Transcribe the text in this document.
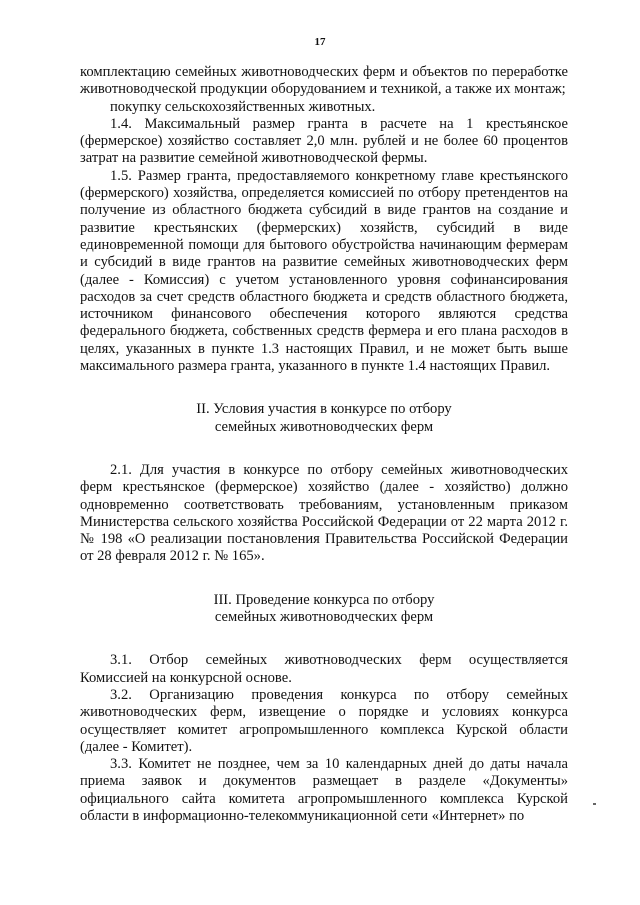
17

комплектацию семейных животноводческих ферм и объектов по переработке животноводческой продукции оборудованием и техникой, а также их монтаж;

покупку сельскохозяйственных животных.

1.4. Максимальный размер гранта в расчете на 1 крестьянское (фермерское) хозяйство составляет 2,0 млн. рублей и не более 60 процентов затрат на развитие семейной животноводческой фермы.

1.5. Размер гранта, предоставляемого конкретному главе крестьянского (фермерского) хозяйства, определяется комиссией по отбору претендентов на получение из областного бюджета субсидий в виде грантов на создание и развитие крестьянских (фермерских) хозяйств, субсидий в виде единовременной помощи для бытового обустройства начинающим фермерам и субсидий в виде грантов на развитие семейных животноводческих ферм (далее - Комиссия) с учетом установленного уровня софинансирования расходов за счет средств областного бюджета и средств областного бюджета, источником финансового обеспечения которого являются средства федерального бюджета, собственных средств фермера и его плана расходов в целях, указанных в пункте 1.3 настоящих Правил, и не может быть выше максимального размера гранта, указанного в пункте 1.4 настоящих Правил.

II. Условия участия в конкурсе по отбору

семейных животноводческих ферм

2.1. Для участия в конкурсе по отбору семейных животноводческих ферм крестьянское (фермерское) хозяйство (далее - хозяйство) должно одновременно соответствовать требованиям, установленным приказом Министерства сельского хозяйства Российской Федерации от 22 марта 2012 г. № 198 «О реализации постановления Правительства Российской Федерации от 28 февраля 2012 г. № 165».

III. Проведение конкурса по отбору

семейных животноводческих ферм

3.1. Отбор семейных животноводческих ферм осуществляется Комиссией на конкурсной основе.

3.2. Организацию проведения конкурса по отбору семейных животноводческих ферм, извещение о порядке и условиях конкурса осуществляет комитет агропромышленного комплекса Курской области (далее - Комитет).

3.3. Комитет не позднее, чем за 10 календарных дней до даты начала приема заявок и документов размещает в разделе «Документы» официального сайта комитета агропромышленного комплекса Курской области в информационно-телекоммуникационной сети «Интернет» по
